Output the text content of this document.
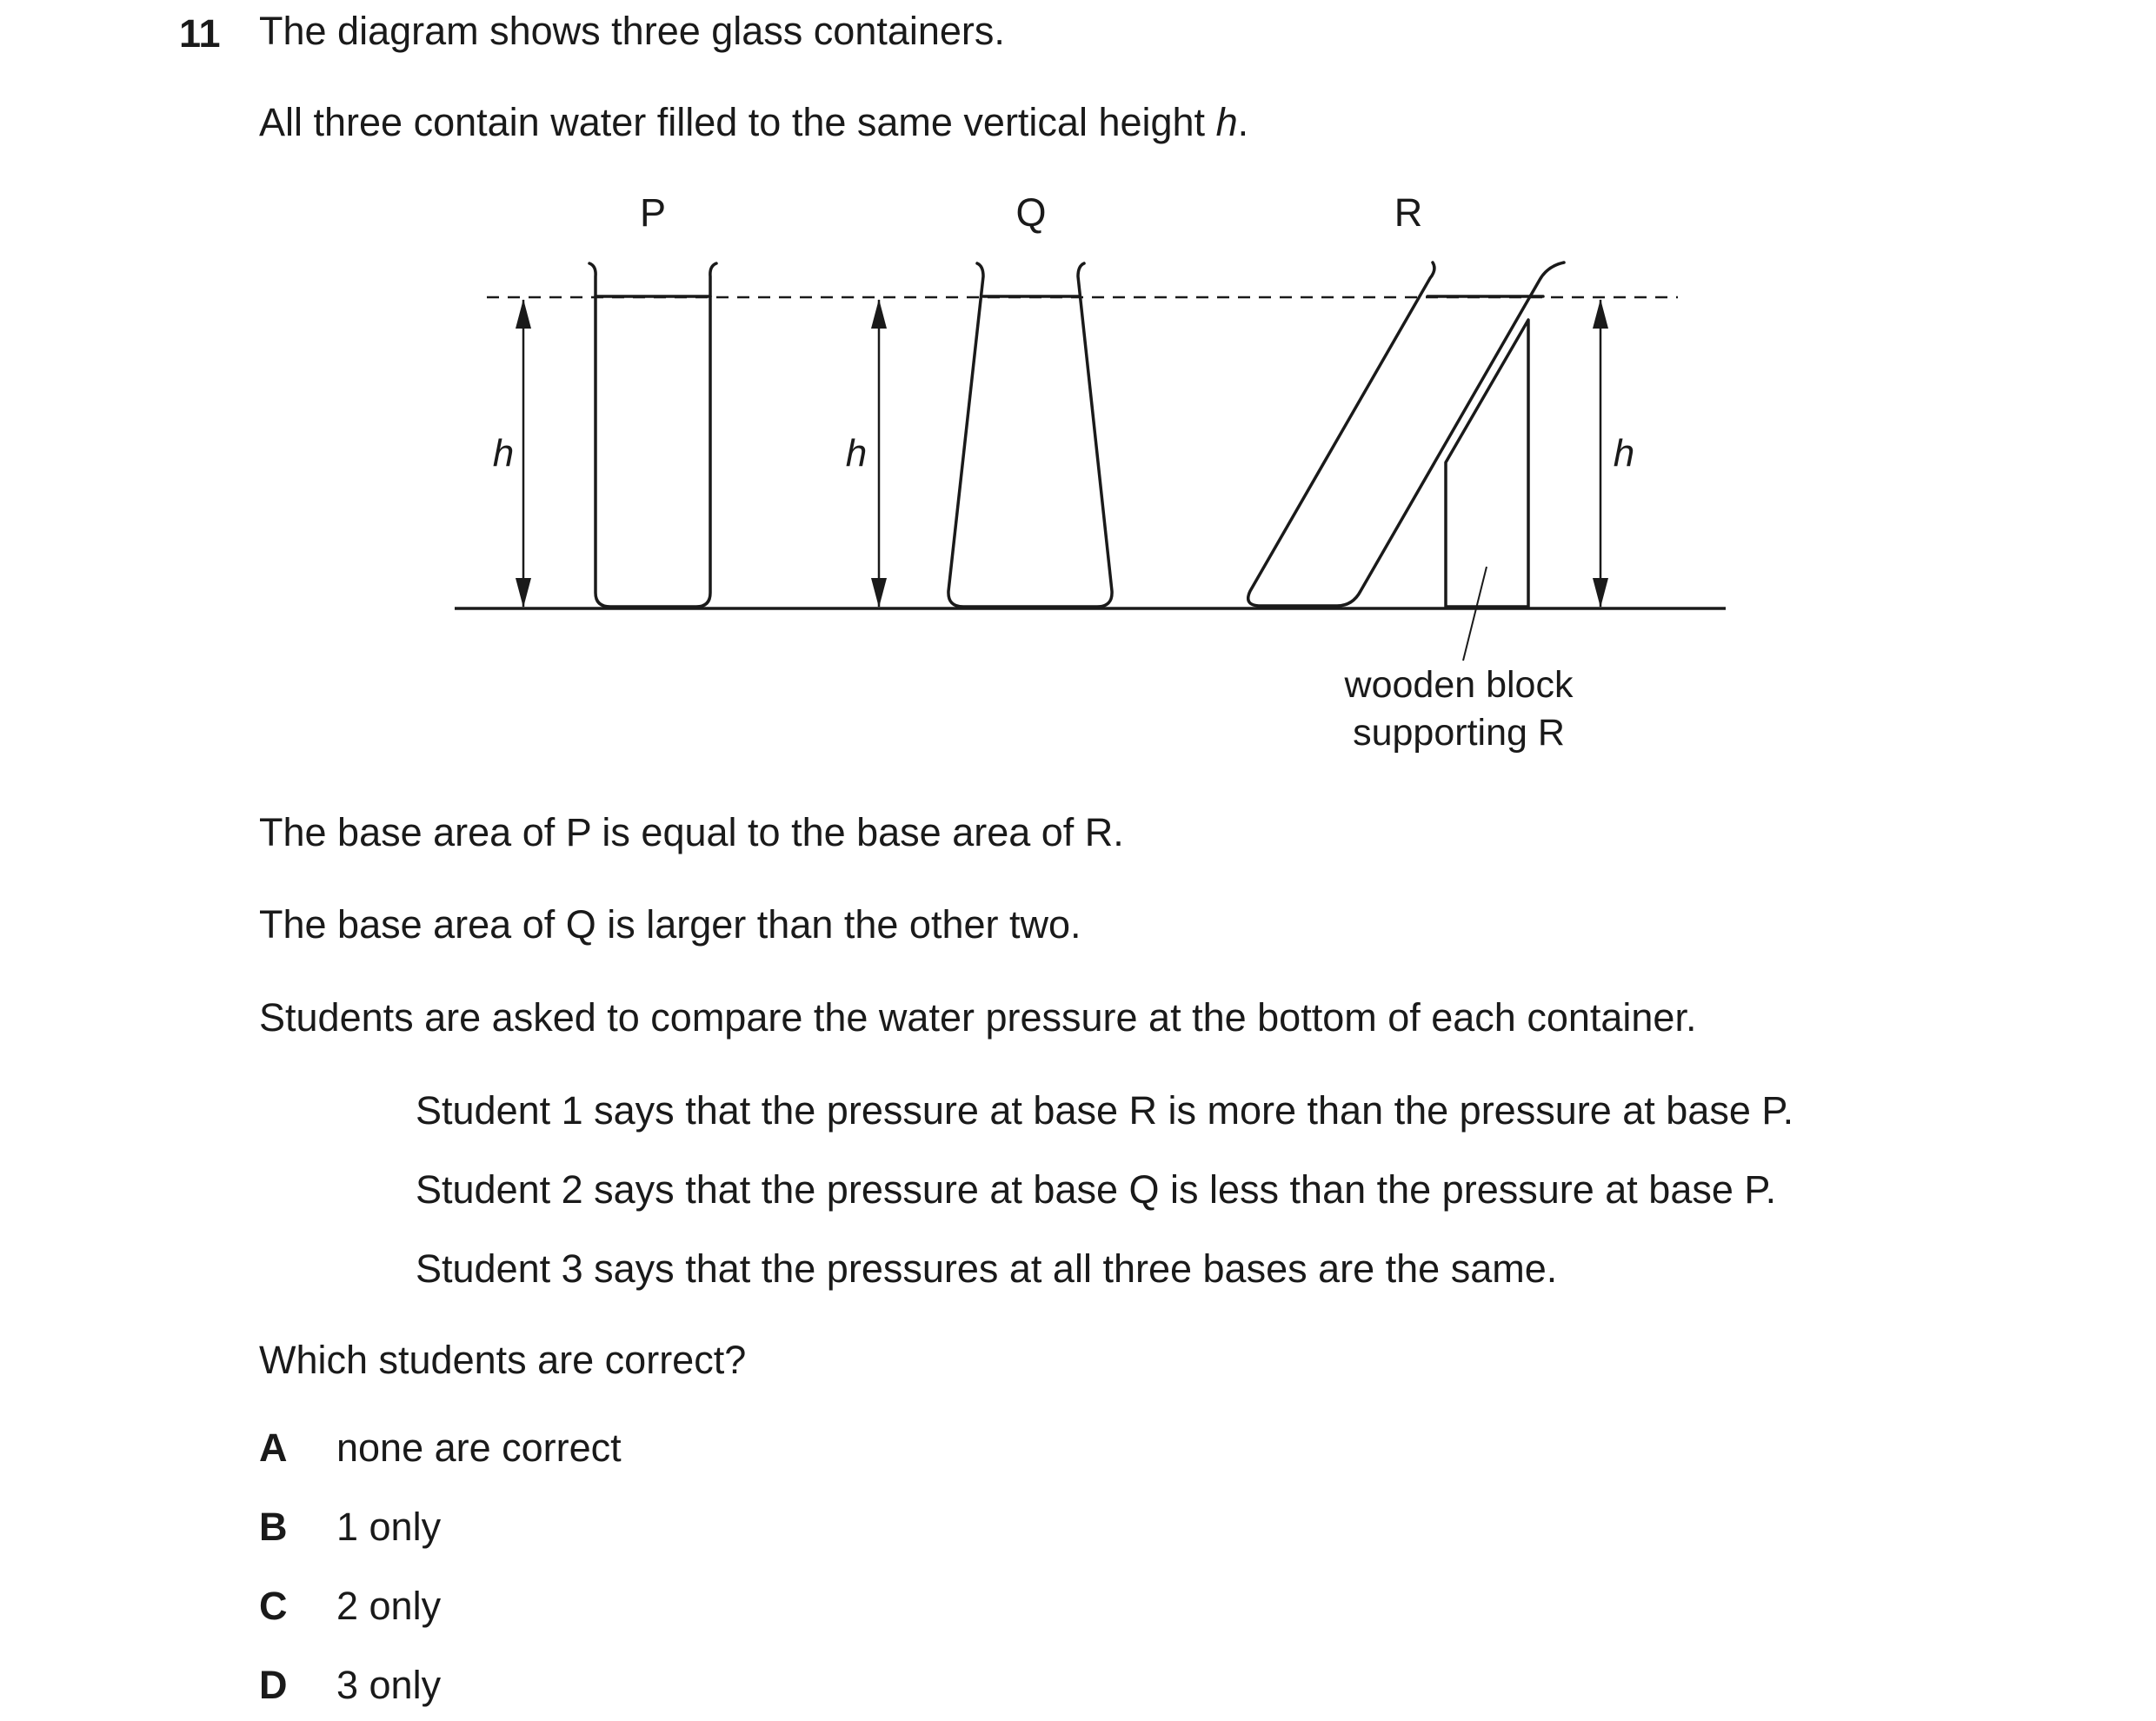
11 The diagram shows three glass containers.
All three contain water filled to the same vertical height h.
P	Q	R
h	h	h
wooden block
supporting R
The base area of P is equal to the base area of R.
The base area of Q is larger than the other two.
Students are asked to compare the water pressure at the bottom of each container.
Student 1 says that the pressure at base R is more than the pressure at base P.
Student 2 says that the pressure at base Q is less than the pressure at base P.
Student 3 says that the pressures at all three bases are the same.
Which students are correct?
A none are correct
B 1 only
C 2 only
D 3 only
